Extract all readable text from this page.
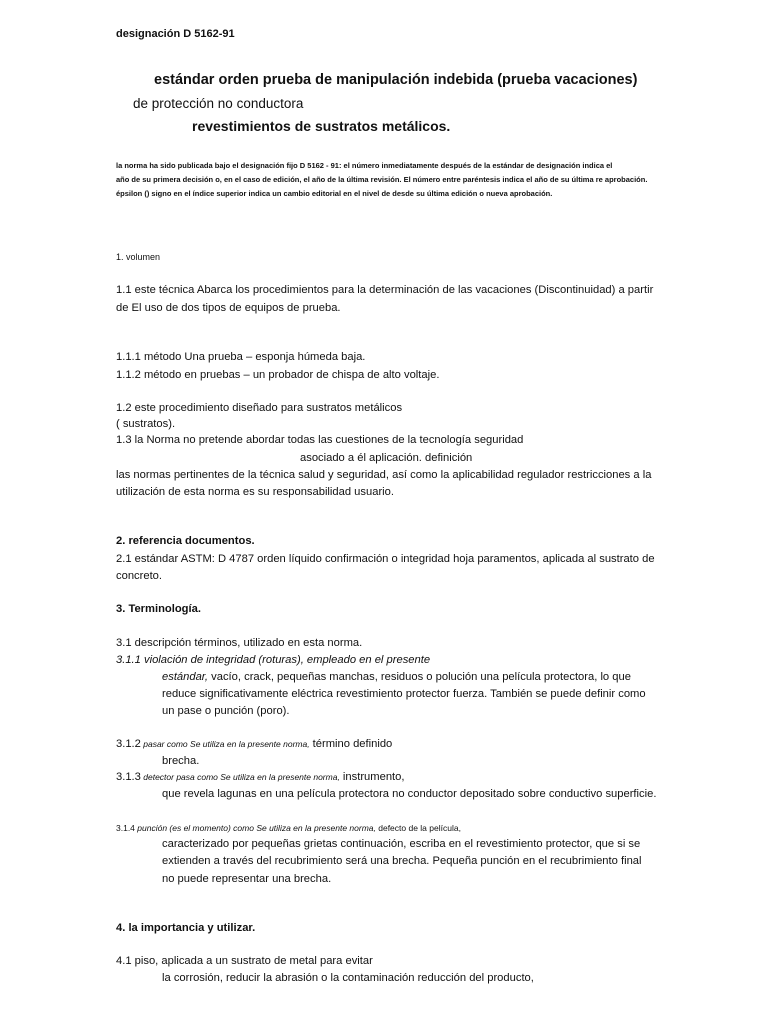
designación D 5162-91
estándar orden prueba de manipulación indebida (prueba vacaciones)
de protección no conductora
revestimientos de sustratos metálicos.
la norma ha sido publicada bajo el designación fijo D 5162 - 91: el número inmediatamente después de la estándar de designación indica el
año de su primera decisión o, en el caso de edición, el año de la última revisión. El número entre paréntesis indica el año de su última re aprobación.
épsilon () signo en el índice superior indica un cambio editorial en el nivel de desde su última edición o nueva aprobación.
1. volumen
1.1 este técnica Abarca los procedimientos para la determinación de las vacaciones (Discontinuidad) a partir
de El uso de dos tipos de equipos de prueba.
1.1.1 método Una prueba – esponja húmeda baja.
1.1.2 método en pruebas – un probador de chispa de alto voltaje.
1.2 este procedimiento diseñado para sustratos metálicos
( sustratos).
1.3 la Norma no pretende abordar todas las cuestiones de la tecnología seguridad
asociado a él aplicación. definición
las normas pertinentes de la técnica salud y seguridad, así como la aplicabilidad regulador restricciones a la
utilización de esta norma es su responsabilidad usuario.
2. referencia documentos.
2.1 estándar ASTM: D 4787 orden líquido confirmación o integridad hoja paramentos, aplicada al sustrato de
concreto.
3. Terminología.
3.1 descripción términos, utilizado en esta norma.
3.1.1 violación de integridad (roturas), empleado en el presente
estándar, vacío, crack, pequeñas manchas, residuos o polución una película protectora, lo que
reduce significativamente eléctrica revestimiento protector fuerza. También se puede definir como
un pase o punción (poro).
3.1.2 pasar como Se utiliza en la presente norma, término definido
brecha.
3.1.3 detector pasa como Se utiliza en la presente norma, instrumento,
que revela lagunas en una película protectora no conductor depositado sobre conductivo superficie.
3.1.4 punción (es el momento) como Se utiliza en la presente norma, defecto de la película,
caracterizado por pequeñas grietas continuación, escriba en el revestimiento protector, que si se
extienden a través del recubrimiento será una brecha. Pequeña punción en el recubrimiento final
no puede representar una brecha.
4. la importancia y utilizar.
4.1 piso, aplicada a un sustrato de metal para evitar
la corrosión, reducir la abrasión o la contaminación reducción del producto,
